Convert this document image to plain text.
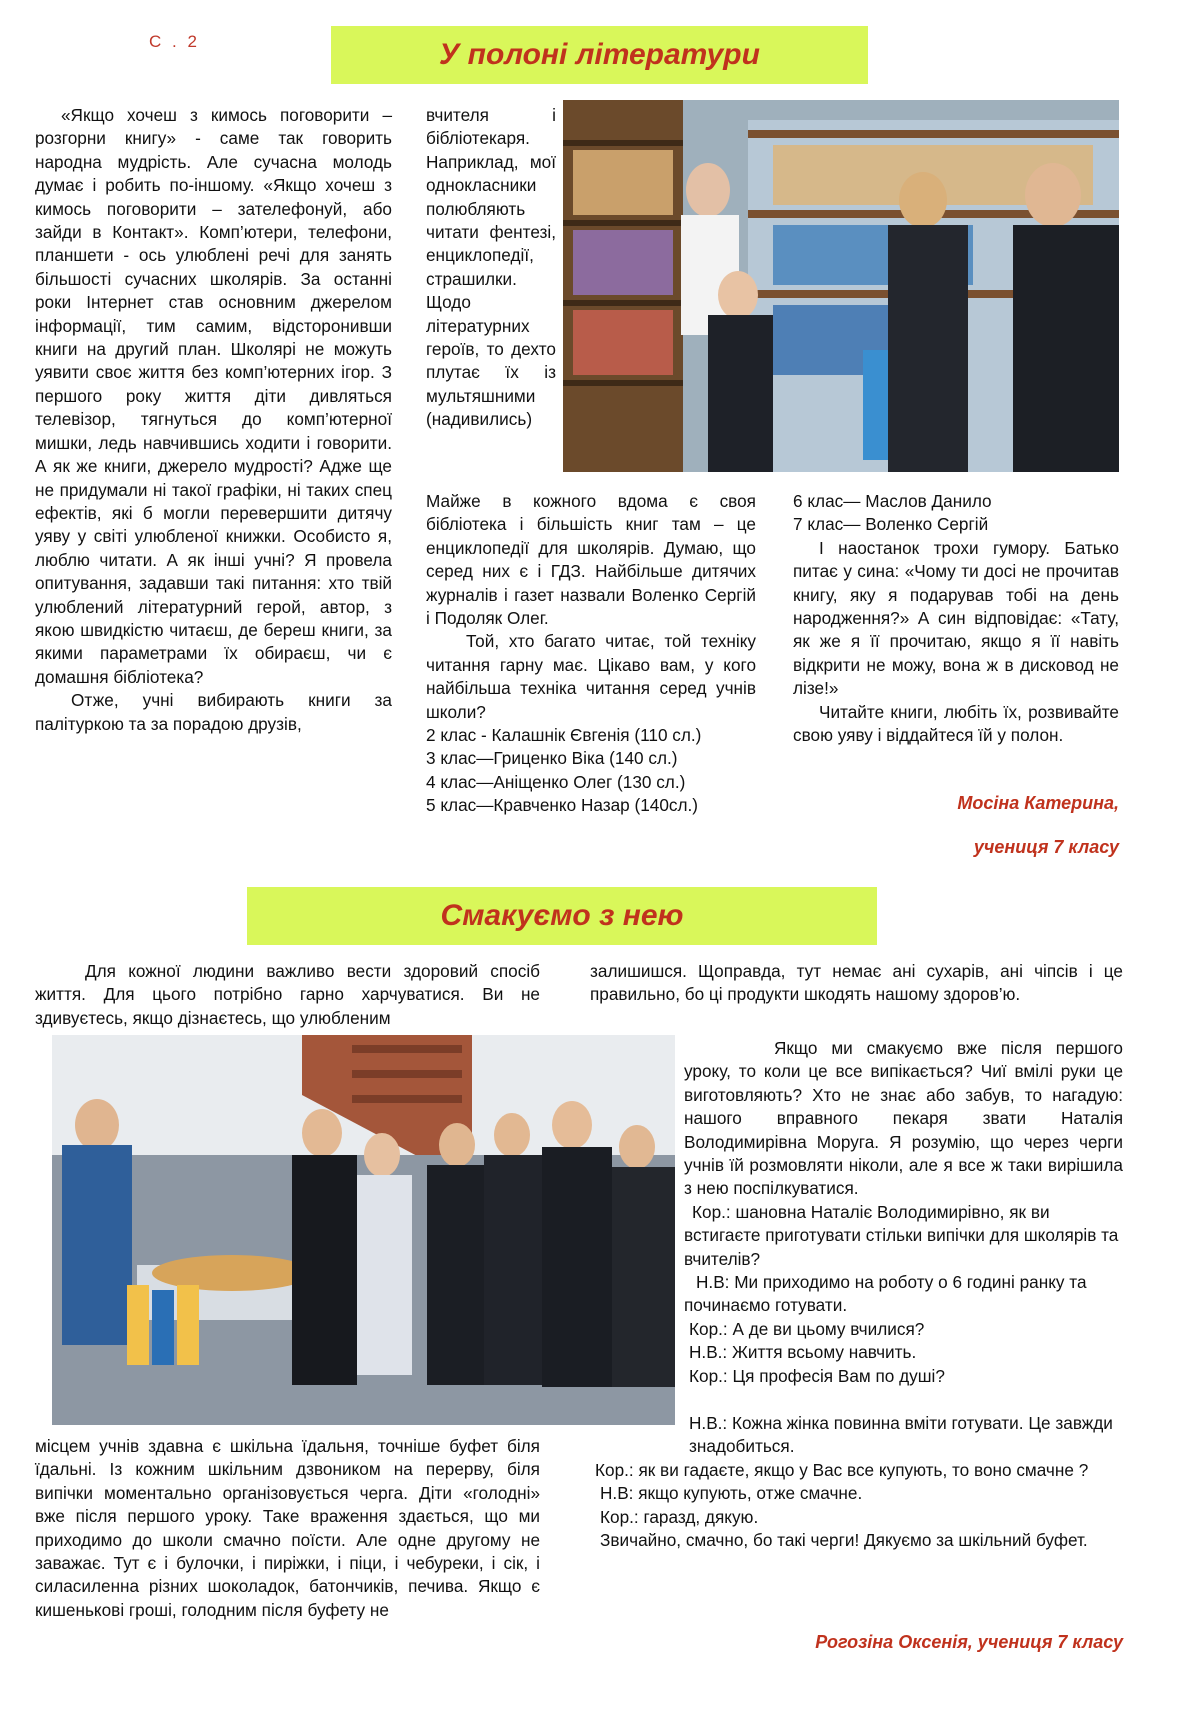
С . 2	У полоні літератури

«Якщо хочеш з кимось поговорити – розгорни книгу» - саме так говорить народна мудрість. Але сучасна молодь думає і робить по-іншому. «Якщо хочеш з кимось поговорити – зателефонуй, або зайди в Контакт». Комп’ютери, телефони, планшети - ось улюблені речі для занять більшості сучасних школярів. За останні роки Інтернет став основним джерелом інформації, тим самим, відсторонивши книги на другий план. Школярі не можуть уявити своє життя без комп’ютерних ігор. З першого року життя діти дивляться телевізор, тягнуться до комп’ютерної мишки, ледь навчившись ходити і говорити. А як же книги, джерело мудрості? Адже ще не придумали ні такої графіки, ні таких спец ефектів, які б могли перевершити дитячу уяву у світі улюбленої книжки. Особисто я, люблю читати. А як інші учні? Я провела опитування, задавши такі питання: хто твій улюблений літературний герой, автор, з якою швидкістю читаєш, де береш книги, за якими параметрами їх обираєш, чи є домашня бібліотека?

Отже, учні вибирають книги за палітуркою та за порадою друзів,

вчителя і бібліотекаря. Наприклад, мої однокласники полюбляють читати фентезі, енциклопедії, страшилки. Щодо літературних героїв, то дехто плутає їх із мультяшними (надивились)

Майже в кожного вдома є своя бібліотека і більшість книг там – це енциклопедії для школярів. Думаю, що серед них є і ГДЗ. Найбільше дитячих журналів і газет назвали Воленко Сергій і Подоляк Олег.

Той, хто багато читає, той техніку читання гарну має. Цікаво вам, у кого найбільша техніка читання серед учнів школи?

2 клас - Калашнік Євгенія (110 сл.)
3 клас—Гриценко Віка (140 сл.)
4 клас—Аніщенко Олег (130 сл.)
5 клас—Кравченко Назар (140сл.)
6 клас— Маслов Данило
7 клас— Воленко Сергій

І наостанок трохи гумору. Батько питає у сина: «Чому ти досі не прочитав книгу, яку я подарував тобі на день народження?» А син відповідає: «Тату, як же я її прочитаю, якщо я її навіть відкрити не можу, вона ж в дисковод не лізе!»

Читайте книги, любіть їх, розвивайте свою уяву і віддайтеся їй у полон.

Мосіна Катерина,
учениця 7 класу
Смакуємо з нею

Для кожної людини важливо вести здоровий спосіб життя. Для цього потрібно гарно харчуватися. Ви не здивуєтесь, якщо дізнаєтесь, що улюбленим

залишишся. Щоправда, тут немає ані сухарів, ані чіпсів і це правильно, бо ці продукти шкодять нашому здоров’ю.

Якщо ми смакуємо вже після першого уроку, то коли це все випікається? Чиї вмілі руки це виготовляють? Хто не знає або забув, то нагадую: нашого вправного пекаря звати Наталія Володимирівна Моруга. Я розумію, що через черги учнів їй розмовляти ніколи, але я все ж таки вирішила з нею поспілкуватися.

Кор.: шановна Наталіє Володимирівно, як ви встигаєте приготувати стільки випічки для школярів та вчителів?
Н.В: Ми приходимо на роботу о 6 годині ранку та починаємо готувати.
Кор.: А де ви цьому вчилися?
Н.В.: Життя всьому навчить.
Кор.: Ця професія Вам по душі?
Н.В.: Кожна жінка повинна вміти готувати. Це завжди знадобиться.

місцем учнів здавна є шкільна їдальня, точніше буфет біля їдальні. Із кожним шкільним дзвоником на перерву, біля випічки моментально організовується черга. Діти «голодні» вже після першого уроку. Таке враження здається, що ми приходимо до школи смачно поїсти. Але одне другому не заважає. Тут є і булочки, і пиріжки, і піци, і чебуреки, і сік, і силасиленна різних шоколадок, батончиків, печива. Якщо є кишенькові гроші, голодним після буфету не

Кор.: як ви гадаєте, якщо у Вас все купують, то воно смачне ?
Н.В: якщо купують, отже смачне.
Кор.: гаразд, дякую.
Звичайно, смачно, бо такі черги! Дякуємо за шкільний буфет.
Рогозіна Оксенія, учениця 7 класу
